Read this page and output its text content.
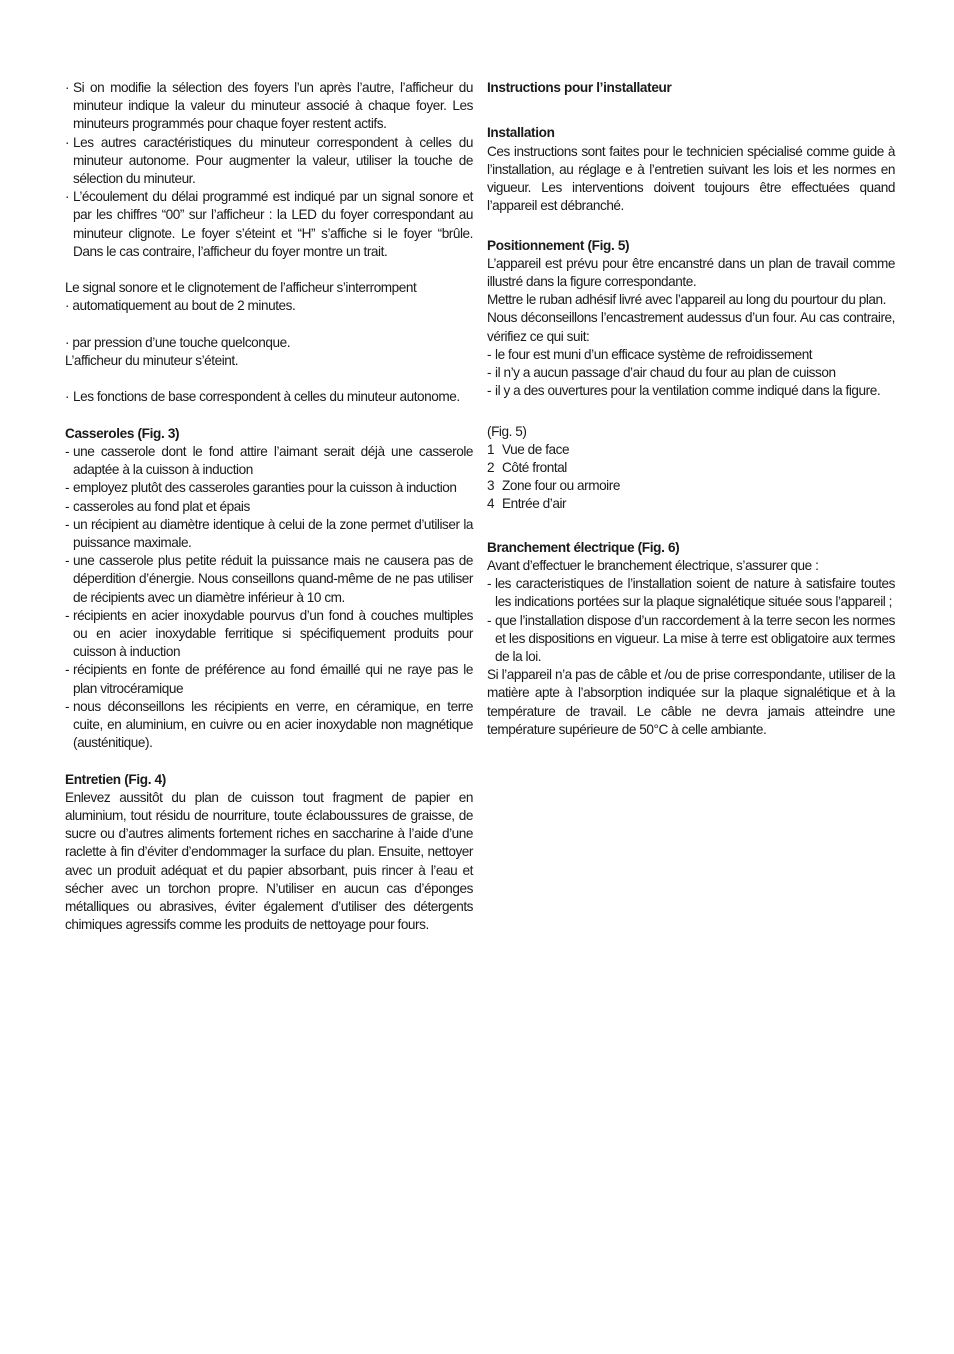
· Si on modifie la sélection des foyers l’un après l’autre, l’afficheur du minuteur indique la valeur du minuteur associé à chaque foyer. Les minuteurs programmés pour chaque foyer restent actifs.
· Les autres caractéristiques du minuteur correspondent à celles du minuteur autonome. Pour augmenter la valeur, utiliser la touche de sélection du minuteur.
· L’écoulement du délai programmé est indiqué par un signal sonore et par les chiffres “00” sur l’afficheur : la LED du foyer correspondant au minuteur clignote. Le foyer s’éteint et “H” s’affiche si le foyer “brûle. Dans le cas contraire, l’afficheur du foyer montre un trait.

Le signal sonore et le clignotement de l’afficheur s’interrompent

· automatiquement au bout de 2 minutes.

· par pression d’une touche quelconque.

L’afficheur du minuteur s’éteint.

· Les fonctions de base correspondent à celles du minuteur autonome.

Casseroles (Fig. 3)

- une casserole dont le fond attire l’aimant serait déjà une casserole adaptée à la cuisson à induction
- employez plutôt des casseroles garanties pour la cuisson à induction
- casseroles au fond plat et épais
- un récipient au diamètre identique à celui de la zone permet d’utiliser la puissance maximale.
- une casserole plus petite réduit la puissance mais ne causera pas de déperdition d’énergie. Nous conseillons quand-même de ne pas utiliser de récipients avec un diamètre inférieur à 10 cm.
- récipients en acier inoxydable pourvus d’un fond à couches multiples ou en acier inoxydable ferritique si spécifiquement produits pour cuisson à induction
- récipients en fonte de préférence au fond émaillé qui ne raye pas le plan vitrocéramique
- nous déconseillons les récipients en verre, en céramique, en terre cuite, en aluminium, en cuivre ou en acier inoxydable non magnétique (austénitique).

Entretien (Fig. 4)

Enlevez aussitôt du plan de cuisson tout fragment de papier en aluminium, tout résidu de nourriture, toute éclaboussures de graisse, de sucre ou d’autres aliments fortement riches en saccharine à l’aide d’une raclette à fin d’éviter d’endommager la surface du plan. Ensuite, nettoyer avec un produit adéquat et du papier absorbant, puis rincer à l’eau et sécher avec un torchon propre. N’utiliser en aucun cas d’éponges métalliques ou abrasives, éviter également d’utiliser des détergents chimiques agressifs comme les produits de nettoyage pour fours.

Instructions pour l’installateur

Installation

Ces instructions sont faites pour le technicien spécialisé comme guide à l’installation, au réglage e à l’entretien suivant les lois et les normes en vigueur. Les interventions doivent toujours être effectuées quand l’appareil est débranché.

Positionnement (Fig. 5)

L’appareil est prévu pour être encanstré dans un plan de travail comme illustré dans la figure correspondante.

Mettre le ruban adhésif livré avec l’appareil au long du pourtour du plan.

Nous déconseillons l’encastrement audessus d’un four. Au cas contraire, vérifiez ce qui suit:

- le four est muni d’un efficace système de refroidissement
- il n’y a aucun passage d’air chaud du four au plan de cuisson
- il y a des ouvertures pour la ventilation comme indiqué dans la figure.

(Fig. 5)

1 Vue de face
2 Côté frontal
3 Zone four ou armoire
4 Entrée d’air

Branchement électrique (Fig. 6)

Avant d’effectuer le branchement électrique, s’assurer que :

- les caracteristiques de l’installation soient de nature à satisfaire toutes les indications portées sur la plaque signalétique située sous l’appareil ;
- que l’installation dispose d’un raccordement à la terre secon les normes et les dispositions en vigueur. La mise à terre est obligatoire aux termes de la loi.

Si l’appareil n’a pas de câble et /ou de prise correspondante, utiliser de la matière apte à l’absorption indiquée sur la plaque signalétique et à la température de travail. Le câble ne devra jamais atteindre une température supérieure de 50°C à celle ambiante.
